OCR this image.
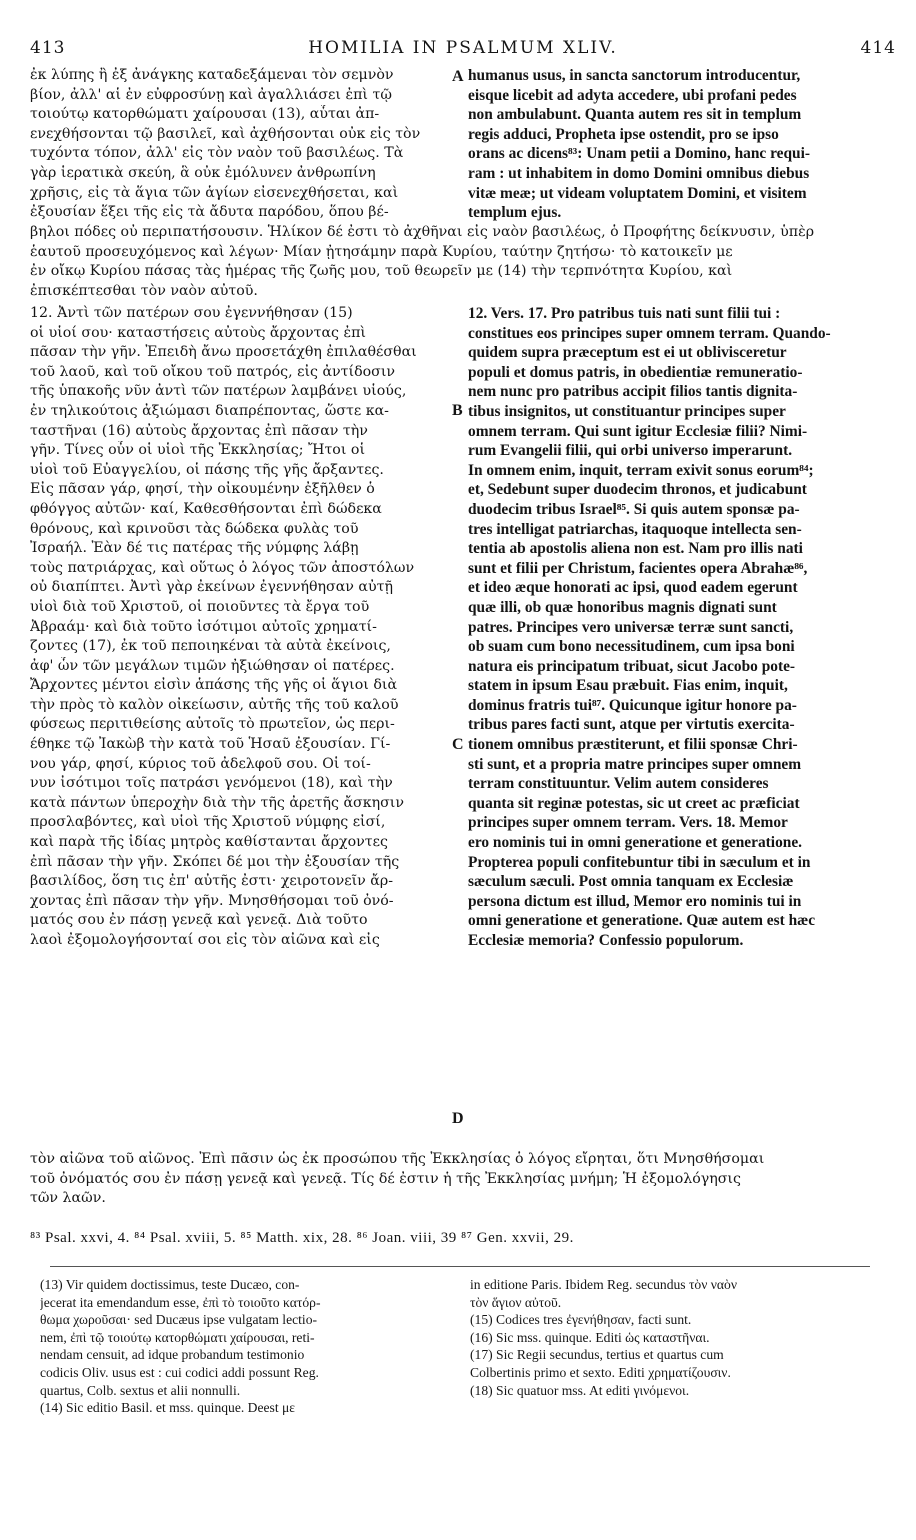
413	HOMILIA IN PSALMUM XLIV.	414
ἐκ λύπης ἢ ἐξ ἀνάγκης καταδεξάμεναι τὸν σεμνὸν
βίον, ἀλλ' αἱ ἐν εὐφροσύνῃ καὶ ἀγαλλιάσει ἐπὶ τῷ
τοιούτῳ κατορθώματι χαίρουσαι (13), αὗται ἀπ-
ενεχθήσονται τῷ βασιλεῖ, καὶ ἀχθήσονται οὐκ εἰς τὸν
τυχόντα τόπον, ἀλλ' εἰς τὸν ναὸν τοῦ βασιλέως. Τὰ
γὰρ ἱερατικὰ σκεύη, ἃ οὐκ ἐμόλυνεν ἀνθρωπίνη
χρῆσις, εἰς τὰ ἅγια τῶν ἁγίων εἰσενεχθήσεται, καὶ
ἐξουσίαν ἕξει τῆς εἰς τὰ ἄδυτα παρόδου, ὅπου βέ-
A humanus usus, in sancta sanctorum introducentur,
eisque licebit ad adyta accedere, ubi profani pedes
non ambulabunt. Quanta autem res sit in templum
regis adduci, Propheta ipse ostendit, pro se ipso
orans ac dicens⁸³: Unam petii a Domino, hanc requi-
ram : ut inhabitem in domo Domini omnibus diebus
vitæ meæ; ut videam voluptatem Domini, et visitem
templum ejus.
βηλοι πόδες οὐ περιπατήσουσιν. Ἡλίκον δέ ἐστι τὸ ἀχθῆναι εἰς ναὸν βασιλέως, ὁ Προφήτης δείκνυσιν, ὑπὲρ
ἑαυτοῦ προσευχόμενος καὶ λέγων· Μίαν ᾐτησάμην παρὰ Κυρίου, ταύτην ζητήσω· τὸ κατοικεῖν με
ἐν οἴκῳ Κυρίου πάσας τὰς ἡμέρας τῆς ζωῆς μου, τοῦ θεωρεῖν με (14) τὴν τερπνότητα Κυρίου, καὶ
ἐπισκέπτεσθαι τὸν ναὸν αὐτοῦ.
12. Ἀντὶ τῶν πατέρων σου ἐγεννήθησαν (15)
οἱ υἱοί σου· καταστήσεις αὐτοὺς ἄρχοντας ἐπὶ
πᾶσαν τὴν γῆν. Ἐπειδὴ ἄνω προσετάχθη ἐπιλαθέσθαι
τοῦ λαοῦ, καὶ τοῦ οἴκου τοῦ πατρός, εἰς ἀντίδοσιν
τῆς ὑπακοῆς νῦν ἀντὶ τῶν πατέρων λαμβάνει υἱούς,
ἐν τηλικούτοις ἀξιώμασι διαπρέποντας, ὥστε κα-
ταστῆναι (16) αὐτοὺς ἄρχοντας ἐπὶ πᾶσαν τὴν
γῆν. Τίνες οὖν οἱ υἱοὶ τῆς Ἐκκλησίας; Ἤτοι οἱ
υἱοὶ τοῦ Εὐαγγελίου, οἱ πάσης τῆς γῆς ἄρξαντες.
Εἰς πᾶσαν γάρ, φησί, τὴν οἰκουμένην ἐξῆλθεν ὁ
φθόγγος αὐτῶν· καί, Καθεσθήσονται ἐπὶ δώδεκα
θρόνους, καὶ κρινοῦσι τὰς δώδεκα φυλὰς τοῦ
Ἰσραήλ. Ἐὰν δέ τις πατέρας τῆς νύμφης λάβῃ
τοὺς πατριάρχας, καὶ οὕτως ὁ λόγος τῶν ἀποστόλων
οὐ διαπίπτει. Ἀντὶ γὰρ ἐκείνων ἐγεννήθησαν αὐτῇ
υἱοὶ διὰ τοῦ Χριστοῦ, οἱ ποιοῦντες τὰ ἔργα τοῦ
Ἀβραάμ· καὶ διὰ τοῦτο ἰσότιμοι αὐτοῖς χρηματί-
ζοντες (17), ἐκ τοῦ πεποιηκέναι τὰ αὐτὰ ἐκείνοις,
ἀφ' ὧν τῶν μεγάλων τιμῶν ἠξιώθησαν οἱ πατέρες.
Ἄρχοντες μέντοι εἰσὶν ἁπάσης τῆς γῆς οἱ ἅγιοι διὰ
τὴν πρὸς τὸ καλὸν οἰκείωσιν, αὐτῆς τῆς τοῦ καλοῦ
φύσεως περιτιθείσης αὐτοῖς τὸ πρωτεῖον, ὡς περι-
έθηκε τῷ Ἰακὼβ τὴν κατὰ τοῦ Ἡσαῦ ἐξουσίαν. Γί-
νου γάρ, φησί, κύριος τοῦ ἀδελφοῦ σου. Οἱ τοί-
νυν ἰσότιμοι τοῖς πατράσι γενόμενοι (18), καὶ τὴν
κατὰ πάντων ὑπεροχὴν διὰ τὴν τῆς ἀρετῆς ἄσκησιν
προσλαβόντες, καὶ υἱοὶ τῆς Χριστοῦ νύμφης εἰσί,
καὶ παρὰ τῆς ἰδίας μητρὸς καθίστανται ἄρχοντες
ἐπὶ πᾶσαν τὴν γῆν. Σκόπει δέ μοι τὴν ἐξουσίαν τῆς
βασιλίδος, ὅση τις ἐπ' αὐτῆς ἐστι· χειροτονεῖν ἄρ-
χοντας ἐπὶ πᾶσαν τὴν γῆν. Μνησθήσομαι τοῦ ὀνό-
ματός σου ἐν πάσῃ γενεᾷ καὶ γενεᾷ. Διὰ τοῦτο
λαοὶ ἐξομολογήσονταί σοι εἰς τὸν αἰῶνα καὶ εἰς
B
C
D
12. Vers. 17. Pro patribus tuis nati sunt filii tui :
constitues eos principes super omnem terram. Quando-
quidem supra præceptum est ei ut oblivisceretur
populi et domus patris, in obedientiæ remuneratio-
nem nunc pro patribus accipit filios tantis dignita-
tibus insignitos, ut constituantur principes super
omnem terram. Qui sunt igitur Ecclesiæ filii? Nimi-
rum Evangelii filii, qui orbi universo imperarunt.
In omnem enim, inquit, terram exivit sonus eorum⁸⁴;
et, Sedebunt super duodecim thronos, et judicabunt
duodecim tribus Israel⁸⁵. Si quis autem sponsæ pa-
tres intelligat patriarchas, itaquoque intellecta sen-
tentia ab apostolis aliena non est. Nam pro illis nati
sunt et filii per Christum, facientes opera Abrahæ⁸⁶,
et ideo æque honorati ac ipsi, quod eadem egerunt
quæ illi, ob quæ honoribus magnis dignati sunt
patres. Principes vero universæ terræ sunt sancti,
ob suam cum bono necessitudinem, cum ipsa boni
natura eis principatum tribuat, sicut Jacobo pote-
statem in ipsum Esau præbuit. Fias enim, inquit,
dominus fratris tui⁸⁷. Quicunque igitur honore pa-
tribus pares facti sunt, atque per virtutis exercita-
tionem omnibus præstiterunt, et filii sponsæ Chri-
sti sunt, et a propria matre principes super omnem
terram constituuntur. Velim autem consideres
quanta sit reginæ potestas, sic ut creet ac præficiat
principes super omnem terram. Vers. 18. Memor
ero nominis tui in omni generatione et generatione.
Propterea populi confitebuntur tibi in sæculum et in
sæculum sæculi. Post omnia tanquam ex Ecclesiæ
persona dictum est illud, Memor ero nominis tui in
omni generatione et generatione. Quæ autem est hæc
Ecclesiæ memoria? Confessio populorum.
τὸν αἰῶνα τοῦ αἰῶνος. Ἐπὶ πᾶσιν ὡς ἐκ προσώπου τῆς Ἐκκλησίας ὁ λόγος εἴρηται, ὅτι Μνησθήσομαι
τοῦ ὀνόματός σου ἐν πάσῃ γενεᾷ καὶ γενεᾷ. Τίς δέ ἐστιν ἡ τῆς Ἐκκλησίας μνήμη; Ἡ ἐξομολόγησις
τῶν λαῶν.
⁸³ Psal. xxvi, 4. ⁸⁴ Psal. xviii, 5. ⁸⁵ Matth. xix, 28. ⁸⁶ Joan. viii, 39 ⁸⁷ Gen. xxvii, 29.
(13) Vir quidem doctissimus, teste Ducæo, con-
jecerat ita emendandum esse, ἐπὶ τὸ τοιοῦτο κατόρ-
θωμα χωροῦσαι· sed Ducæus ipse vulgatam lectio-
nem, ἐπὶ τῷ τοιούτῳ κατορθώματι χαίρουσαι, reti-
nendam censuit, ad idque probandum testimonio
codicis Oliv. usus est : cui codici addi possunt Reg.
quartus, Colb. sextus et alii nonnulli.
(14) Sic editio Basil. et mss. quinque. Deest με
in editione Paris. Ibidem Reg. secundus τὸν ναὸν
τὸν ἅγιον αὐτοῦ.
(15) Codices tres ἐγενήθησαν, facti sunt.
(16) Sic mss. quinque. Editi ὡς καταστῆναι.
(17) Sic Regii secundus, tertius et quartus cum
Colbertinis primo et sexto. Editi χρηματίζουσιν.
(18) Sic quatuor mss. At editi γινόμενοι.
